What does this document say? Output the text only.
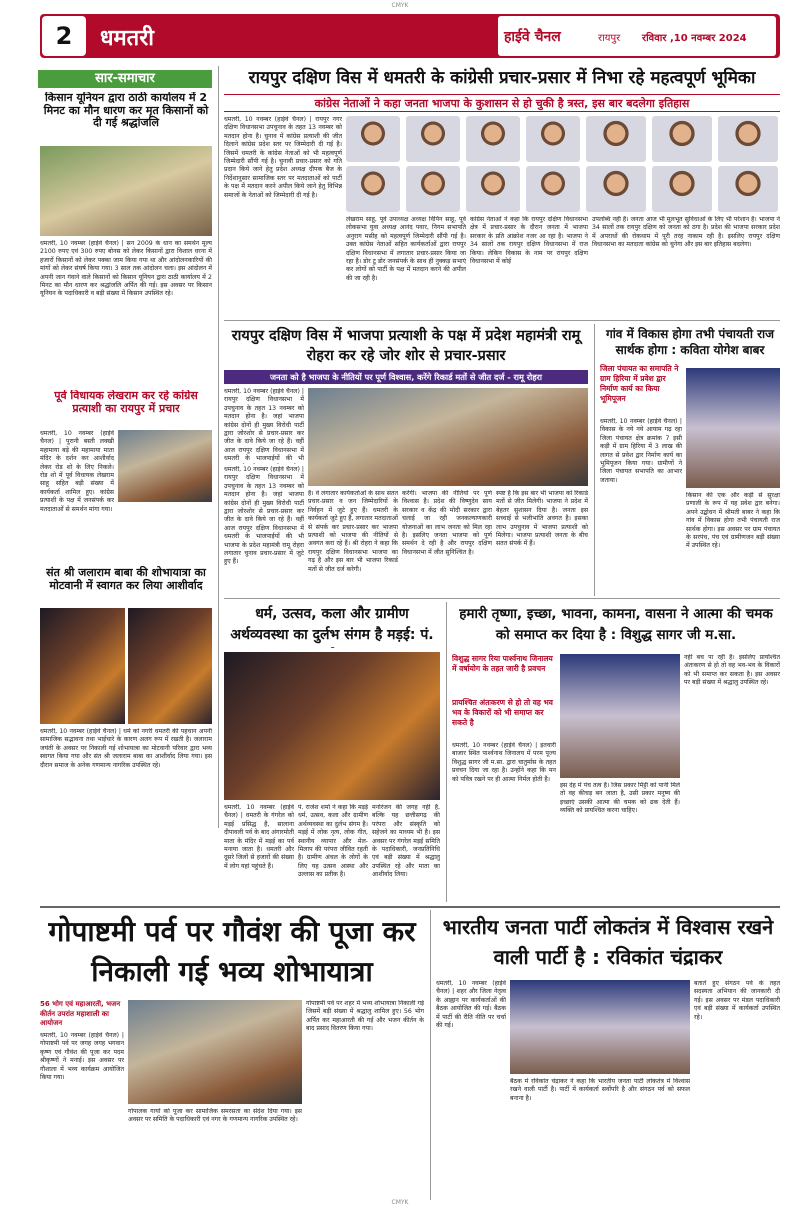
CMYK
2	धमतरी	हाईवे चैनल	रायपुर रविवार ,10 नवम्बर 2024
सार-समाचार
किसान यूनियन द्वारा ठाठी कार्यालय में 2 मिनट का मौन धारण कर मृत किसानों को दी गई श्रद्धांजलि
धमतरी, 10 नवम्बर (हाईवे चैनल) | सन 2009 के धान का समर्थन मूल्य 2100 रुपए एवं 300 रुपए बोनस को लेकर किसानों द्वारा विशाल धरना में हजारों किसानों को लेकर पक्का जाम किया गया था और आंदोलनकारियों की मांगों को लेकर संघर्ष किया गया। 3 साल तक आंदोलन चला। इस आंदोलन में अपनी जान गंवाने वाले किसानों को किसान यूनियन द्वारा ठाठी कार्यालय में 2 मिनट का मौन धारण कर श्रद्धांजलि अर्पित की गई। इस अवसर पर किसान यूनियन के पदाधिकारी व बड़ी संख्या में किसान उपस्थित रहे।
पूर्व विधायक लेखराम कर रहे कांग्रेस प्रत्याशी का रायपुर में प्रचार
धमतरी, 10 नवम्बर (हाईवे चैनल) | पुरानी बस्ती लक्खी महामाया बड़े की महामाया माता मंदिर के दर्शन कर आशीर्वाद लेकर रोड शो के लिए निकले। रोड शो में पूर्व विधायक लेखराम साहू सहित बड़ी संख्या में कार्यकर्ता शामिल हुए। कांग्रेस प्रत्याशी के पक्ष में जनसंपर्क कर मतदाताओं से समर्थन मांगा गया।
संत श्री जलाराम बाबा की शोभायात्रा का मोटवानी में स्वागत कर लिया आशीर्वाद
धमतरी, 10 नवम्बर (हाईवे चैनल) | धर्म को नगरी धमतरी की पहचान अपनी सामाजिक सद्भावना तथा भाईचारे के कारण अलग रूप में रखती है। जलाराम जयंती के अवसर पर निकाली गई शोभायात्रा का मोटवानी परिवार द्वारा भव्य स्वागत किया गया और संत श्री जलाराम बाबा का आशीर्वाद लिया गया। इस दौरान समाज के अनेक गणमान्य नागरिक उपस्थित रहे।
रायपुर दक्षिण विस में धमतरी के कांग्रेसी प्रचार-प्रसार में निभा रहे महत्वपूर्ण भूमिका
कांग्रेस नेताओं ने कहा जनता भाजपा के कुशासन से हो चुकी है त्रस्त, इस बार बदलेगा इतिहास
धमतरी, 10 नवम्बर (हाईवे चैनल) | रायपुर नगर दक्षिण विधानसभा उपचुनाव के तहत 13 नवम्बर को मतदान होना है। चुनाव में कांग्रेस प्रत्याशी की जीत दिलाने कांग्रेस प्रदेश स्तर पर जिम्मेदारी दी गई है। जिसमें धमतरी के कांग्रेस नेताओं को भी महत्वपूर्ण जिम्मेदारी सौंपी गई है। चुनावी प्रचार-प्रसार को गति प्रदान किये जाने हेतु प्रदेश अध्यक्ष दीपक बैज के निर्देशानुसार सामाजिक स्तर पर मतदाताओं को पार्टी के पक्ष में मतदान करने अपील किये जाने हेतु विभिन्न समाजों के नेताओं को जिम्मेदारी दी गई है।
लेखराम साहू, पूर्व उपाध्यक्ष अध्यक्ष विपिन साहू, पूर्व लोकसभा युवा अध्यक्ष आनंद पवार, निगम सभापति अनुराग मसीह को महत्वपूर्ण जिम्मेदारी सौंपी गई है। उक्त कांग्रेस नेताओं सहित कार्यकर्ताओं द्वारा रायपुर दक्षिण विधानसभा में लगातार प्रचार-प्रसार किया जा रहा है। डोर टू डोर जनसंपर्क के साथ ही नुक्कड़ सभाएं कर लोगों को पार्टी के पक्ष में मतदान करने की अपील की जा रही है।
कांग्रेस नेताओं ने कहा कि रायपुर दक्षिण विधानसभा क्षेत्र में प्रचार-प्रसार के दौरान जनता में भाजपा सरकार के प्रति आक्रोश नजर आ रहा है। भाजपा ने 34 सालों तक रायपुर दक्षिण विधानसभा में राज किया। लेकिन विकास के नाम पर रायपुर दक्षिण विधानसभा में कोई
उपलब्धि नहीं है। जनता आज भी मूलभूत सुविधाओं के लिए भी परेशान है। भाजपा ने 34 सालों तक रायपुर दक्षिण को जनता को ठगा है। प्रदेश की भाजपा सरकार प्रदेश में अपराधों की रोकथाम में पूरी तरह नाकाम रही है। इसलिए रायपुर दक्षिण विधानसभा का मतदाता कांग्रेस को चुनेगा और इस बार इतिहास बदलेगा।
रायपुर दक्षिण विस में भाजपा प्रत्याशी के पक्ष में प्रदेश महामंत्री रामू रोहरा कर रहे जोर शोर से प्रचार-प्रसार
जनता को है भाजपा के नीतियों पर पूर्ण विश्वास, करेंगे रिकार्ड मतों से जीत दर्ज - रामू रोहरा
धमतरी, 10 नवम्बर (हाईवे चैनल) | रायपुर दक्षिण विधानसभा में उपचुनाव के तहत 13 नवम्बर को मतदान होना है। जहां भाजपा कांग्रेस दोनों ही मुख्य विरोधी पार्टी द्वारा जोरशोर से प्रचार-प्रसार कर जीत के दावे किये जा रहे हैं। वहीं आज रायपुर दक्षिण विधानसभा में धमतरी के भाजपाईयों की भी
धमतरी, 10 नवम्बर (हाईवे चैनल) | रायपुर दक्षिण विधानसभा में उपचुनाव के तहत 13 नवम्बर को मतदान होना है। जहां भाजपा कांग्रेस दोनों ही मुख्य विरोधी पार्टी द्वारा जोरशोर से प्रचार-प्रसार कर जीत के दावे किये जा रहे हैं। वहीं आज रायपुर दक्षिण विधानसभा में धमतरी के भाजपाईयों की भी भाजपा के प्रदेश महामंत्री रामू रोहरा लगातार चुनाव प्रचार-प्रसार में जुटे हुए हैं।
है। वे लगातार कार्यकर्ताओं के साथ सतत प्रचार-प्रसार व जन जिम्मेदारियों के निर्वहन में जुटे हुए हैं। धमतरी के कार्यकर्ता जुटे हुए हैं, लगातार मतदाताओं से संपर्क कर प्रचार-प्रसार कर भाजपा प्रत्याशी को भाजपा की नीतियों से अवगत करा रहे हैं। श्री रोहरा ने कहा कि रायपुर दक्षिण विधानसभा भाजपा का गढ़ है और इस बार भी भाजपा रिकार्ड मतों से जीत दर्ज करेगी।
करेंगी। भाजपा की नीतियों पर पूर्ण विश्वास है। प्रदेश की विष्णुदेव साय सरकार व केंद्र की मोदी सरकार द्वारा चलाई जा रही जनकल्याणकारी योजनाओं का लाभ जनता को मिल रहा है। इसलिए जनता भाजपा को पूर्ण समर्थन दे रही है और रायपुर दक्षिण विधानसभा में जीत सुनिश्चित है।
स्पष्ट है कि इस बार भी भाजपा को रिकार्ड मतों से जीत मिलेगी। भाजपा ने प्रदेश में बेहतर सुशासन दिया है। जनता इस सच्चाई से भलीभांति अवगत है। इसका लाभ उपचुनाव में भाजपा प्रत्याशी को मिलेगा। भाजपा प्रत्याशी जनता के बीच सतत संपर्क में हैं।
गांव में विकास होगा तभी पंचायती राज सार्थक होगा : कविता योगेश बाबर
जिला पंचायत का समापति ने ग्राम हिरिया में प्रवेश द्वार निर्माण कार्य का किया भूमिपूजन
धमतरी, 10 नवम्बर (हाईवे चैनल) | विकास के नये नये आयाम गढ़ रहा जिला पंचायत क्षेत्र क्रमांक 7 इसी कड़ी में ग्राम हिरिया में 3 लाख की लागत से प्रवेश द्वार निर्माण कार्य का भूमिपूजन किया गया। ग्रामीणों ने जिला पंचायत सभापति का आभार जताया।
किसान की एक और कड़ी से सुरक्षा प्रणाली के रूप में यह प्रवेश द्वार बनेगा। अपने उद्बोधन में श्रीमती बाबर ने कहा कि गांव में विकास होगा तभी पंचायती राज सार्थक होगा। इस अवसर पर ग्राम पंचायत के सरपंच, पंच एवं ग्रामीणजन बड़ी संख्या में उपस्थित रहे।
धर्म, उत्सव, कला और ग्रामीण अर्थव्यवस्था का दुर्लभ संगम है मड़ई: पं.
धमतरी, 10 नवम्बर (हाईवे चैनल) | धमतरी के गंगरेल को मड़ई प्रसिद्ध है, सालाना दीपावली पर्व के बाद अंगारमोती माता के मंदिर में मड़ई का पर्व मनाया जाता है। धमतरी और दूसरे जिलों से हजारों की संख्या में लोग यहां पहुंचते हैं।
पं. राजेश शर्मा ने कहा कि मड़ई धर्म, उत्सव, कला और ग्रामीण अर्थव्यवस्था का दुर्लभ संगम है। मड़ई में लोक नृत्य, लोक गीत, स्थानीय व्यापार और मेल-मिलाप की परंपरा जीवित रहती है। ग्रामीण अंचल के लोगों के लिए यह उत्सव आस्था और उल्लास का प्रतीक है।
मनोरंजन की जगह नहीं है, बल्कि यह छत्तीसगढ़ की परंपरा और संस्कृति को सहेजने का माध्यम भी है। इस अवसर पर गंगरेल मड़ई समिति के पदाधिकारी, जनप्रतिनिधि एवं बड़ी संख्या में श्रद्धालु उपस्थित रहे और माता का आशीर्वाद लिया।
हमारी तृष्णा, इच्छा, भावना, कामना, वासना ने आत्मा की चमक को समाप्त कर दिया है : विशुद्ध सागर जी म.सा.
विशुद्ध सागर रिया पार्श्वनाथ जिनालय में वर्षायोग के तहत जारी है प्रवचन
प्रायश्चित अंतःकरण से हो तो वह भव भव के विकारों को भी समाप्त कर सकते है
धमतरी, 10 नवम्बर (हाईवे चैनल) | इतवारी बाजार स्थित पार्श्वनाथ जिनालय में परम पूज्य विशुद्ध सागर जी म.सा. द्वारा चातुर्मास के तहत प्रवचन दिया जा रहा है। उन्होंने कहा कि मन को पवित्र रखने पर ही आत्मा निर्मल होती है।
इस देह में पंच तत्व हैं। जिस प्रकार मिट्टी को पानी मिले तो वह कीचड़ बन जाता है, उसी प्रकार मनुष्य की इच्छाएं उसकी आत्मा की चमक को ढक देती हैं। व्यक्ति को प्रायश्चित करना चाहिए।
नहीं बच पा रही है। इसलिए प्रायश्चित अंतःकरण से हो तो वह भव-भव के विकारों को भी समाप्त कर सकता है। इस अवसर पर बड़ी संख्या में श्रद्धालु उपस्थित रहे।
गोपाष्टमी पर्व पर गौवंश की पूजा कर निकाली गई भव्य शोभायात्रा
56 भोग एवं महाआरती, भजन कीर्तन उपरांत महाशाली का आयोजन
धमतरी, 10 नवम्बर (हाईवे चैनल) | गोपाष्टमी पर्व पर जगह जगह भगवान कृष्ण एवं गौवंश की पूजा कर पदम श्रीकृष्णों ने मनाई। इस अवसर पर गौशाला में भव्य कार्यक्रम आयोजित किया गया।
गोपाष्टमी पर्व पर शहर में भव्य शोभायात्रा निकाली गई जिसमें बड़ी संख्या में श्रद्धालु शामिल हुए। 56 भोग अर्पित कर महाआरती की गई और भजन कीर्तन के बाद प्रसाद वितरण किया गया।
गोपालक गायों को पूजा कर सामाजिक समरसता का संदेश दिया गया। इस अवसर पर समिति के पदाधिकारी एवं नगर के गणमान्य नागरिक उपस्थित रहे।
भारतीय जनता पार्टी लोकतंत्र में विश्वास रखने वाली पार्टी है : रविकांत चंद्राकर
धमतरी, 10 नवम्बर (हाईवे चैनल) | शहर और जिला नेतृत्व के आह्वान पर कार्यकर्ताओं की बैठक आयोजित की गई। बैठक में पार्टी की रीति नीति पर चर्चा की गई।
बैठक में रविकांत चंद्राकर ने कहा कि भारतीय जनता पार्टी लोकतंत्र में विश्वास रखने वाली पार्टी है। पार्टी में कार्यकर्ता सर्वोपरि है और संगठन पर्व को सफल बनाना है।
बताते हुए संगठन पर्व के तहत सदस्यता अभियान की जानकारी दी गई। इस अवसर पर मंडल पदाधिकारी एवं बड़ी संख्या में कार्यकर्ता उपस्थित रहे।
CMYK
